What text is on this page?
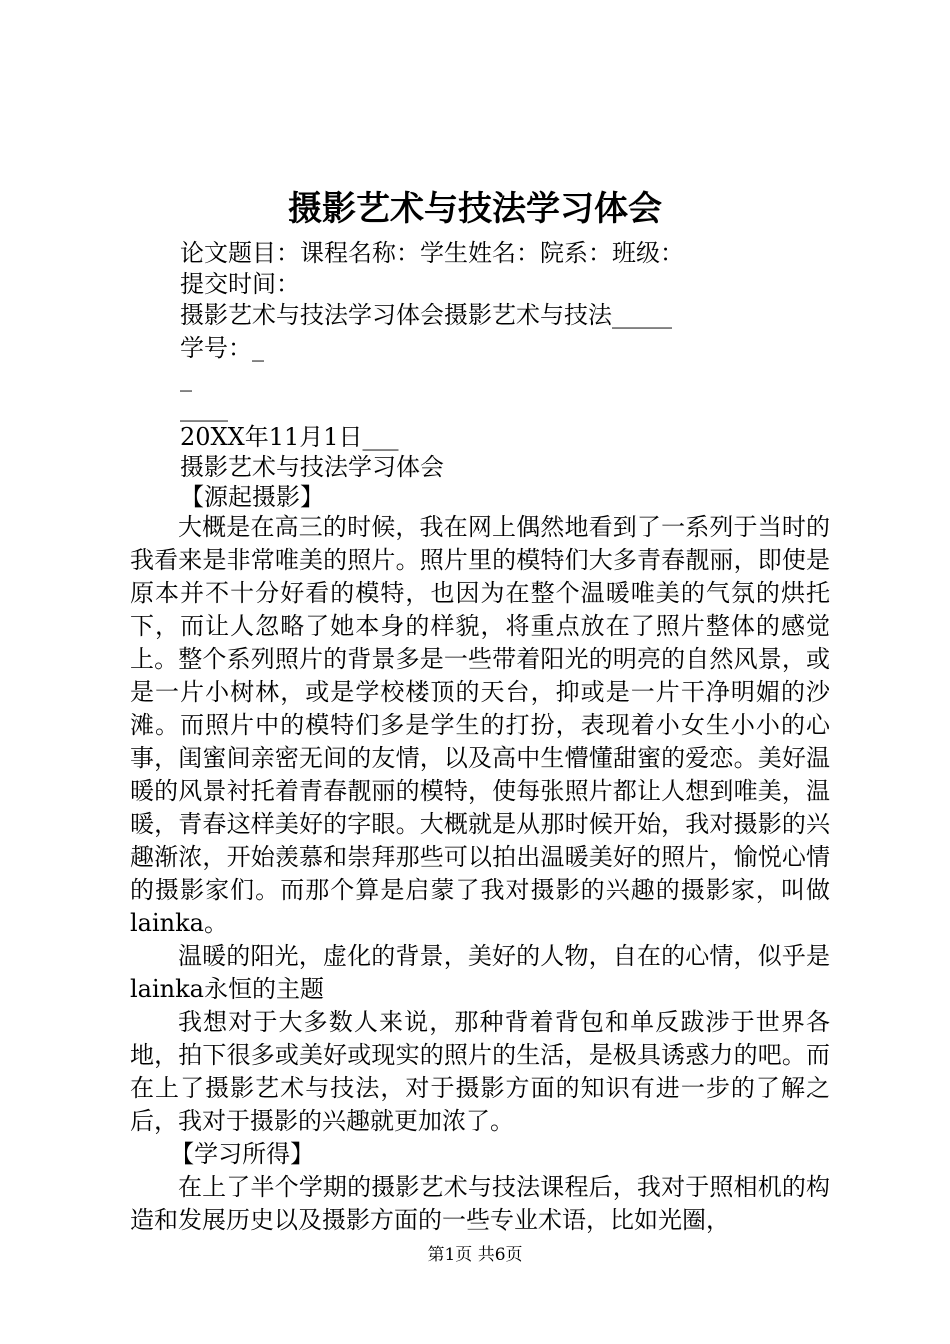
摄影艺术与技法学习体会

论文题目：课程名称：学生姓名：院系：班级：

提交时间：

摄影艺术与技法学习体会摄影艺术与技法_____

学号：_

_

____

20XX年11月1日___

摄影艺术与技法学习体会

【源起摄影】

大概是在高三的时候，我在网上偶然地看到了一系列于当时的我看来是非常唯美的照片。照片里的模特们大多青春靓丽，即使是原本并不十分好看的模特，也因为在整个温暖唯美的气氛的烘托下，而让人忽略了她本身的样貌，将重点放在了照片整体的感觉上。整个系列照片的背景多是一些带着阳光的明亮的自然风景，或是一片小树林，或是学校楼顶的天台，抑或是一片干净明媚的沙滩。而照片中的模特们多是学生的打扮，表现着小女生小小的心事，闺蜜间亲密无间的友情，以及高中生懵懂甜蜜的爱恋。美好温暖的风景衬托着青春靓丽的模特，使每张照片都让人想到唯美，温暖，青春这样美好的字眼。大概就是从那时候开始，我对摄影的兴趣渐浓，开始羡慕和崇拜那些可以拍出温暖美好的照片，愉悦心情的摄影家们。而那个算是启蒙了我对摄影的兴趣的摄影家，叫做lainka。

温暖的阳光，虚化的背景，美好的人物，自在的心情，似乎是lainka永恒的主题

我想对于大多数人来说，那种背着背包和单反跋涉于世界各地，拍下很多或美好或现实的照片的生活，是极具诱惑力的吧。而在上了摄影艺术与技法，对于摄影方面的知识有进一步的了解之后，我对于摄影的兴趣就更加浓了。

【学习所得】

在上了半个学期的摄影艺术与技法课程后，我对于照相机的构造和发展历史以及摄影方面的一些专业术语，比如光圈，

第1页 共6页
